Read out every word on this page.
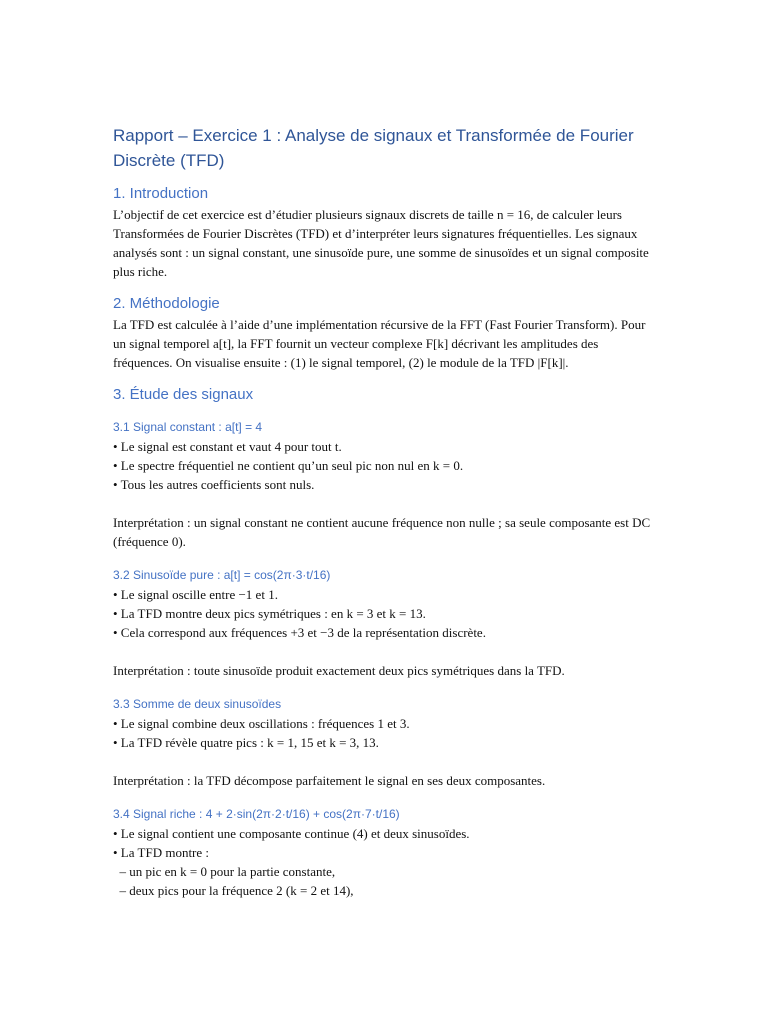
Rapport – Exercice 1 : Analyse de signaux et Transformée de Fourier Discrète (TFD)
1. Introduction

L’objectif de cet exercice est d’étudier plusieurs signaux discrets de taille n = 16, de calculer leurs Transformées de Fourier Discrètes (TFD) et d’interpréter leurs signatures fréquentielles. Les signaux analysés sont : un signal constant, une sinusoïde pure, une somme de sinusoïdes et un signal composite plus riche.

2. Méthodologie

La TFD est calculée à l’aide d’une implémentation récursive de la FFT (Fast Fourier Transform). Pour un signal temporel a[t], la FFT fournit un vecteur complexe F[k] décrivant les amplitudes des fréquences. On visualise ensuite : (1) le signal temporel, (2) le module de la TFD |F[k]|.

3. Étude des signaux
3.1 Signal constant : a[t] = 4

• Le signal est constant et vaut 4 pour tout t.

• Le spectre fréquentiel ne contient qu’un seul pic non nul en k = 0.

• Tous les autres coefficients sont nuls.

Interprétation : un signal constant ne contient aucune fréquence non nulle ; sa seule composante est DC (fréquence 0).

3.2 Sinusoïde pure : a[t] = cos(2π·3·t/16)

• Le signal oscille entre −1 et 1.

• La TFD montre deux pics symétriques : en k = 3 et k = 13.

• Cela correspond aux fréquences +3 et −3 de la représentation discrète.

Interprétation : toute sinusoïde produit exactement deux pics symétriques dans la TFD.

3.3 Somme de deux sinusoïdes

• Le signal combine deux oscillations : fréquences 1 et 3.

• La TFD révèle quatre pics : k = 1, 15 et k = 3, 13.

Interprétation : la TFD décompose parfaitement le signal en ses deux composantes.

3.4 Signal riche : 4 + 2·sin(2π·2·t/16) + cos(2π·7·t/16)

• Le signal contient une composante continue (4) et deux sinusoïdes.

• La TFD montre :

– un pic en k = 0 pour la partie constante,

– deux pics pour la fréquence 2 (k = 2 et 14),
